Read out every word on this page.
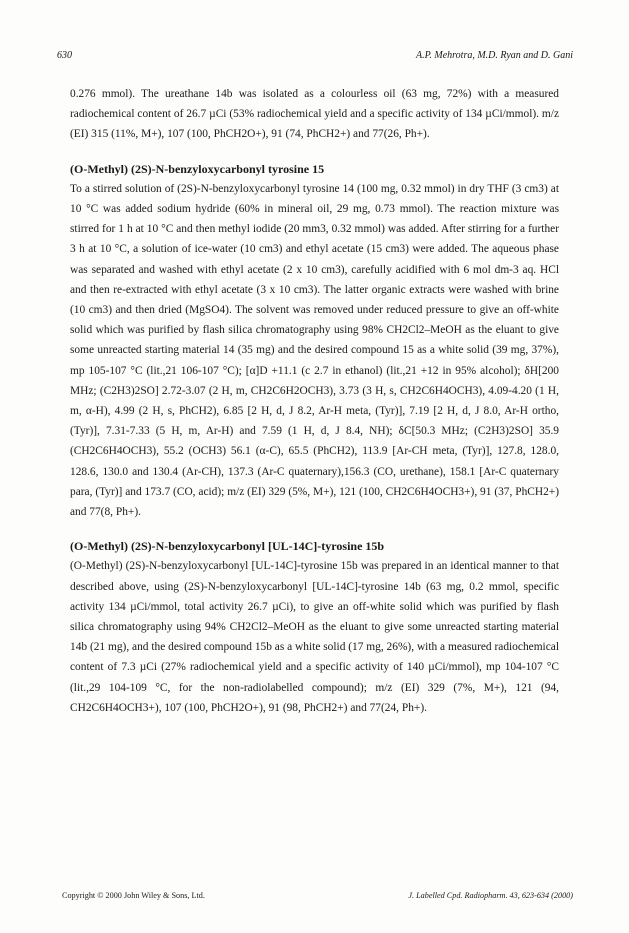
630	A.P. Mehrotra, M.D. Ryan and D. Gani

0.276 mmol). The ureathane 14b was isolated as a colourless oil (63 mg, 72%) with a measured radiochemical content of 26.7 µCi (53% radiochemical yield and a specific activity of 134 µCi/mmol). m/z (EI) 315 (11%, M+), 107 (100, PhCH2O+), 91 (74, PhCH2+) and 77(26, Ph+).

(O-Methyl) (2S)-N-benzyloxycarbonyl tyrosine 15

To a stirred solution of (2S)-N-benzyloxycarbonyl tyrosine 14 (100 mg, 0.32 mmol) in dry THF (3 cm3) at 10 °C was added sodium hydride (60% in mineral oil, 29 mg, 0.73 mmol). The reaction mixture was stirred for 1 h at 10 °C and then methyl iodide (20 mm3, 0.32 mmol) was added. After stirring for a further 3 h at 10 °C, a solution of ice-water (10 cm3) and ethyl acetate (15 cm3) were added. The aqueous phase was separated and washed with ethyl acetate (2 x 10 cm3), carefully acidified with 6 mol dm-3 aq. HCl and then re-extracted with ethyl acetate (3 x 10 cm3). The latter organic extracts were washed with brine (10 cm3) and then dried (MgSO4). The solvent was removed under reduced pressure to give an off-white solid which was purified by flash silica chromatography using 98% CH2Cl2–MeOH as the eluant to give some unreacted starting material 14 (35 mg) and the desired compound 15 as a white solid (39 mg, 37%), mp 105-107 °C (lit.,21 106-107 °C); [α]D +11.1 (c 2.7 in ethanol) (lit.,21 +12 in 95% alcohol); δH[200 MHz; (C2H3)2SO] 2.72-3.07 (2 H, m, CH2C6H2OCH3), 3.73 (3 H, s, CH2C6H4OCH3), 4.09-4.20 (1 H, m, α-H), 4.99 (2 H, s, PhCH2), 6.85 [2 H, d, J 8.2, Ar-H meta, (Tyr)], 7.19 [2 H, d, J 8.0, Ar-H ortho, (Tyr)], 7.31-7.33 (5 H, m, Ar-H) and 7.59 (1 H, d, J 8.4, NH); δC[50.3 MHz; (C2H3)2SO] 35.9 (CH2C6H4OCH3), 55.2 (OCH3) 56.1 (α-C), 65.5 (PhCH2), 113.9 [Ar-CH meta, (Tyr)], 127.8, 128.0, 128.6, 130.0 and 130.4 (Ar-CH), 137.3 (Ar-C quaternary),156.3 (CO, urethane), 158.1 [Ar-C quaternary para, (Tyr)] and 173.7 (CO, acid); m/z (EI) 329 (5%, M+), 121 (100, CH2C6H4OCH3+), 91 (37, PhCH2+) and 77(8, Ph+).

(O-Methyl) (2S)-N-benzyloxycarbonyl [UL-14C]-tyrosine 15b

(O-Methyl) (2S)-N-benzyloxycarbonyl [UL-14C]-tyrosine 15b was prepared in an identical manner to that described above, using (2S)-N-benzyloxycarbonyl [UL-14C]-tyrosine 14b (63 mg, 0.2 mmol, specific activity 134 µCi/mmol, total activity 26.7 µCi), to give an off-white solid which was purified by flash silica chromatography using 94% CH2Cl2–MeOH as the eluant to give some unreacted starting material 14b (21 mg), and the desired compound 15b as a white solid (17 mg, 26%), with a measured radiochemical content of 7.3 µCi (27% radiochemical yield and a specific activity of 140 µCi/mmol), mp 104-107 °C (lit.,29 104-109 °C, for the non-radiolabelled compound); m/z (EI) 329 (7%, M+), 121 (94, CH2C6H4OCH3+), 107 (100, PhCH2O+), 91 (98, PhCH2+) and 77(24, Ph+).

Copyright © 2000 John Wiley & Sons, Ltd.	J. Labelled Cpd. Radiopharm. 43, 623-634 (2000)
